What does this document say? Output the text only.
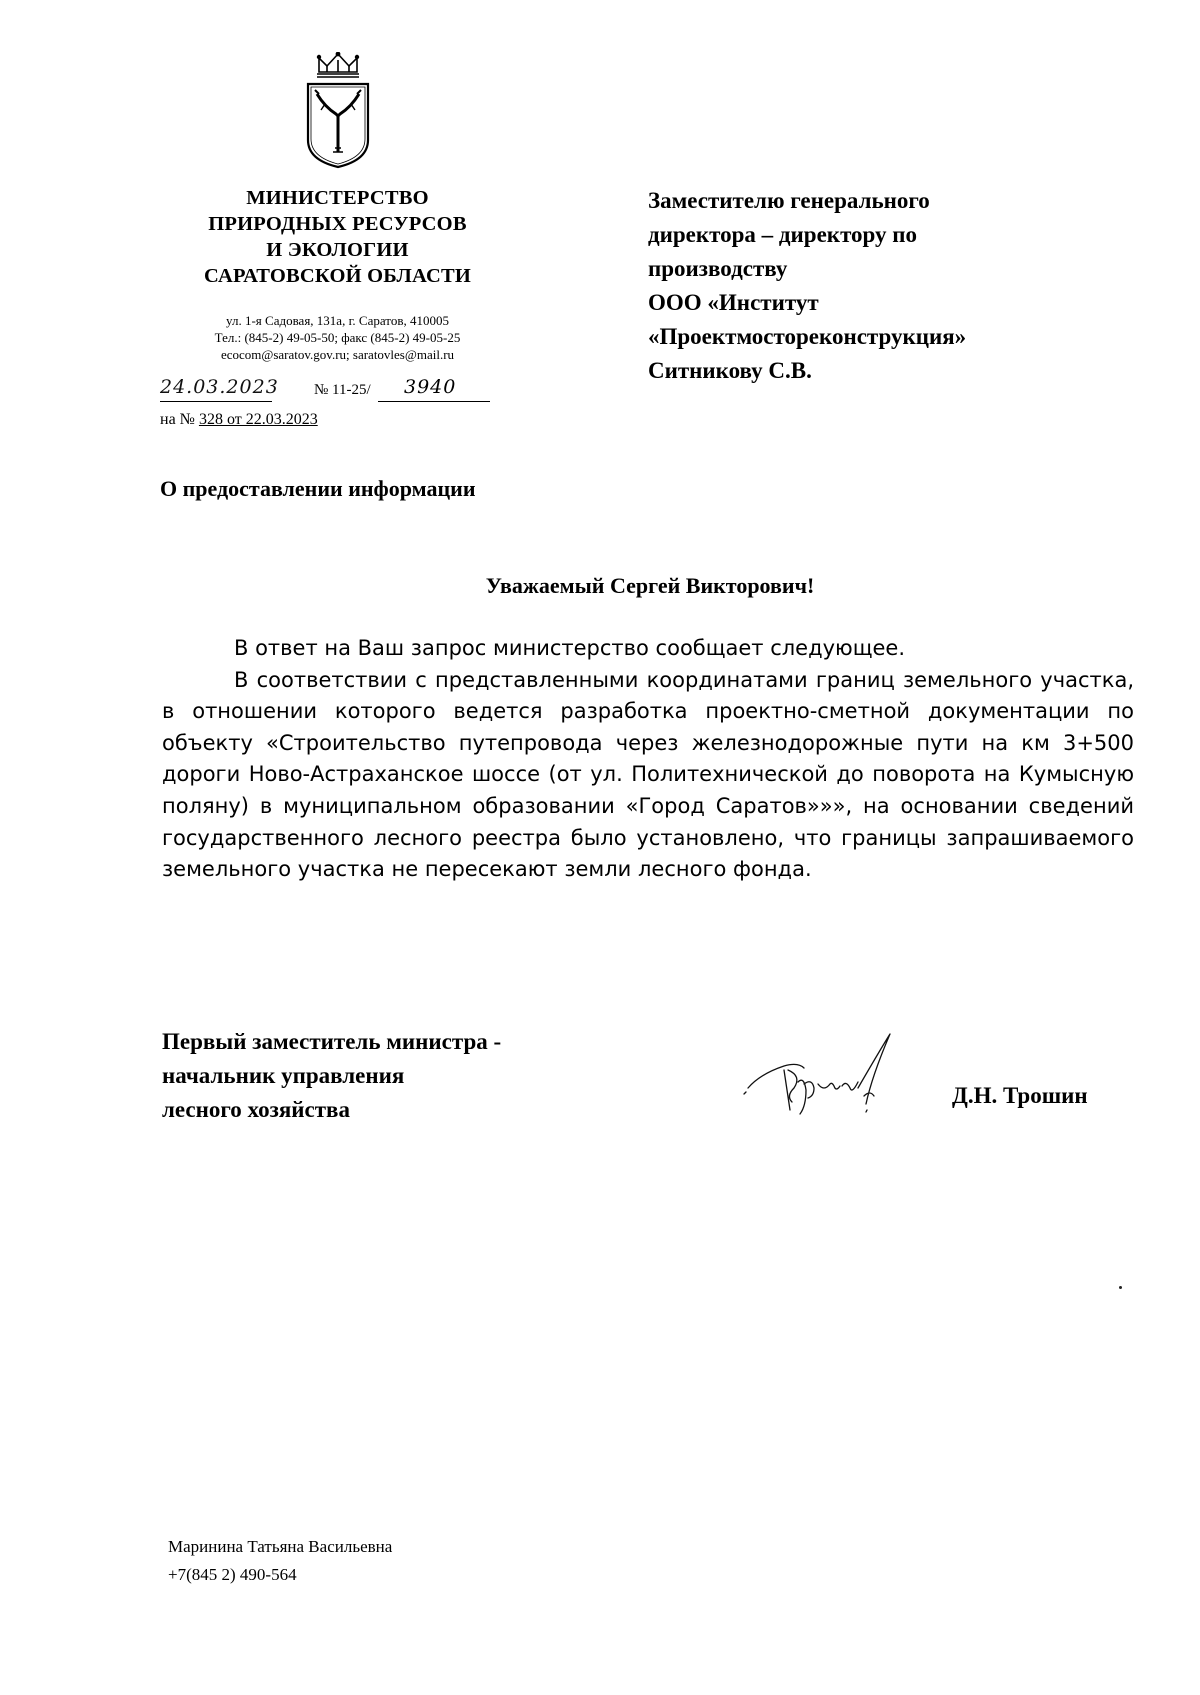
МИНИСТЕРСТВО
ПРИРОДНЫХ РЕСУРСОВ
И ЭКОЛОГИИ
САРАТОВСКОЙ ОБЛАСТИ
ул. 1-я Садовая, 131а, г. Саратов, 410005
Тел.: (845-2) 49-05-50; факс (845-2) 49-05-25
ecocom@saratov.gov.ru; saratovles@mail.ru
24.03.2023 № 11-25/ 3940
на № 328 от 22.03.2023
Заместителю генерального
директора – директору по
производству
ООО «Институт
«Проектмостореконструкция»
Ситникову С.В.
О предоставлении информации
Уважаемый Сергей Викторович!

В ответ на Ваш запрос министерство сообщает следующее.

В соответствии с представленными координатами границ земельного участка, в отношении которого ведется разработка проектно-сметной документации по объекту «Строительство путепровода через железнодорожные пути на км 3+500 дороги Ново-Астраханское шоссе (от ул. Политехнической до поворота на Кумысную поляну) в муниципальном образовании «Город Саратов»»», на основании сведений государственного лесного реестра было установлено, что границы запрашиваемого земельного участка не пересекают земли лесного фонда.

Первый заместитель министра -
начальник управления
лесного хозяйства
Д.Н. Трошин
Маринина Татьяна Васильевна
+7(845 2) 490-564
